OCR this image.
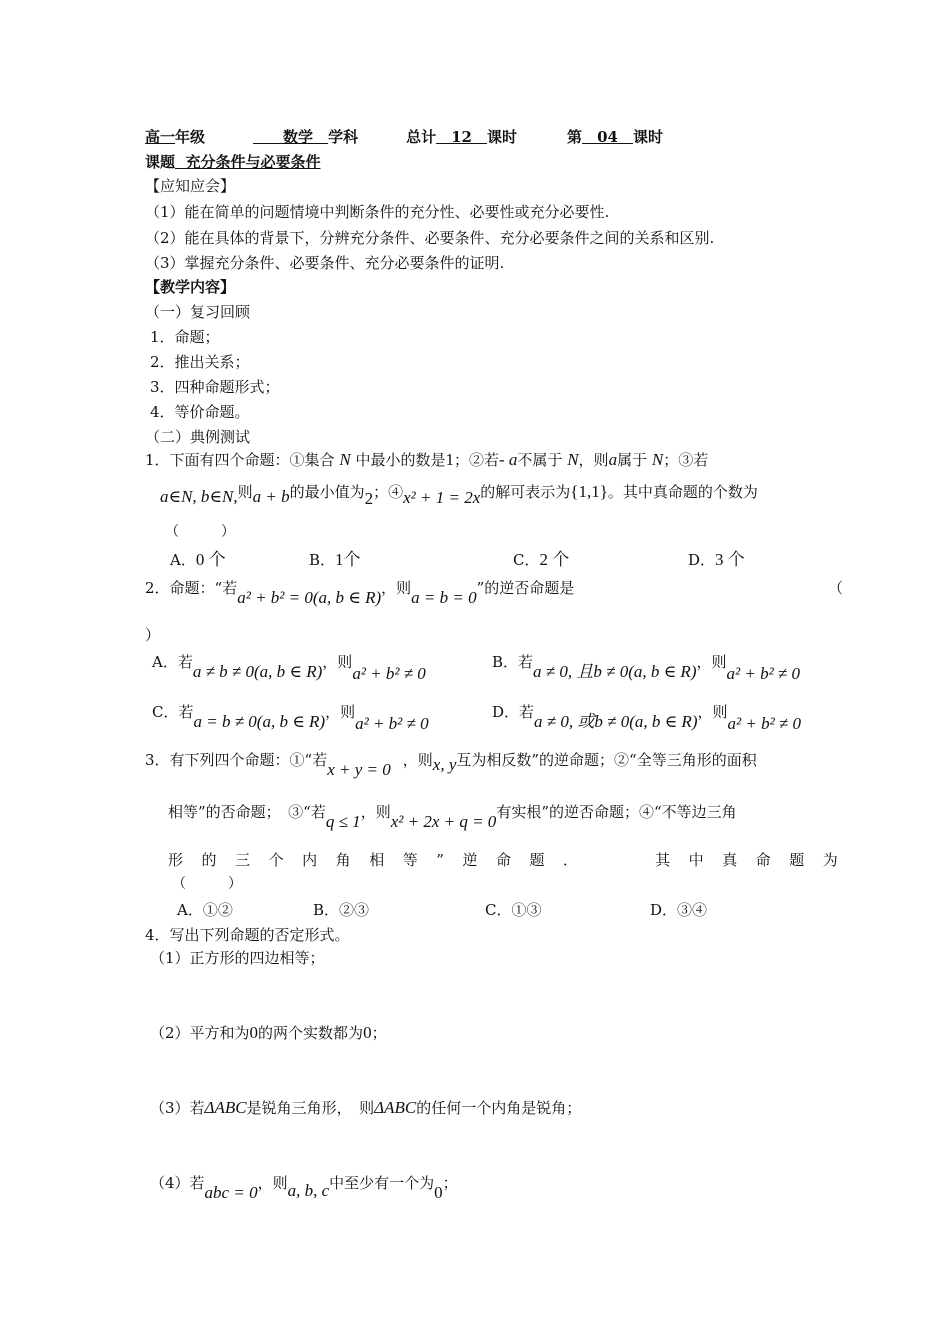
高一年级　　	数学　 学科	总计　 12　 课时	第　 04　 课时
课题 充分条件与必要条件
【应知应会】
（1）能在简单的问题情境中判断条件的充分性、必要性或充分必要性.
（2）能在具体的背景下，分辨充分条件、必要条件、充分必要条件之间的关系和区别.
（3）掌握充分条件、必要条件、充分必要条件的证明.
【教学内容】
（一）复习回顾
1．命题；
2．推出关系；
3．四种命题形式；
4．等价命题。
（二）典例测试
1．下面有四个命题：①集合 N 中最小的数是1；②若- a不属于 N，则a属于 N；③若
a∈N, b∈N,则a + b的最小值为2；④x² + 1 = 2x的解可表示为{1,1}。其中真命题的个数为
（　　　）
A．0 个	B．1个	C．2 个	D．3 个
2．命题：“若a² + b² = 0(a, b ∈ R)，则a = b = 0”的逆否命题是	（
）
A．若a ≠ b ≠ 0(a, b ∈ R)，则a² + b² ≠ 0
B．若a ≠ 0, 且b ≠ 0(a, b ∈ R)，则a² + b² ≠ 0
C．若a = b ≠ 0(a, b ∈ R)，则a² + b² ≠ 0
D．若a ≠ 0, 或b ≠ 0(a, b ∈ R)，则a² + b² ≠ 0
3．有下列四个命题：①“若x + y = 0 ，则x, y互为相反数”的逆命题；②“全等三角形的面积
相等”的否命题；　③“若q ≤ 1，则x² + 2x + q = 0有实根”的逆否命题；④“不等边三角
形 的 三 个 内 角 相 等 ” 逆 命 题 ．	其 中 真 命 题 为
（　　　）
A．①②	B．②③	C．①③	D．③④
4．写出下列命题的否定形式。
（1）正方形的四边相等；
（2）平方和为0的两个实数都为0；
（3）若ΔABC是锐角三角形，　则ΔABC的任何一个内角是锐角；
（4）若abc = 0，则a, b, c中至少有一个为0；
